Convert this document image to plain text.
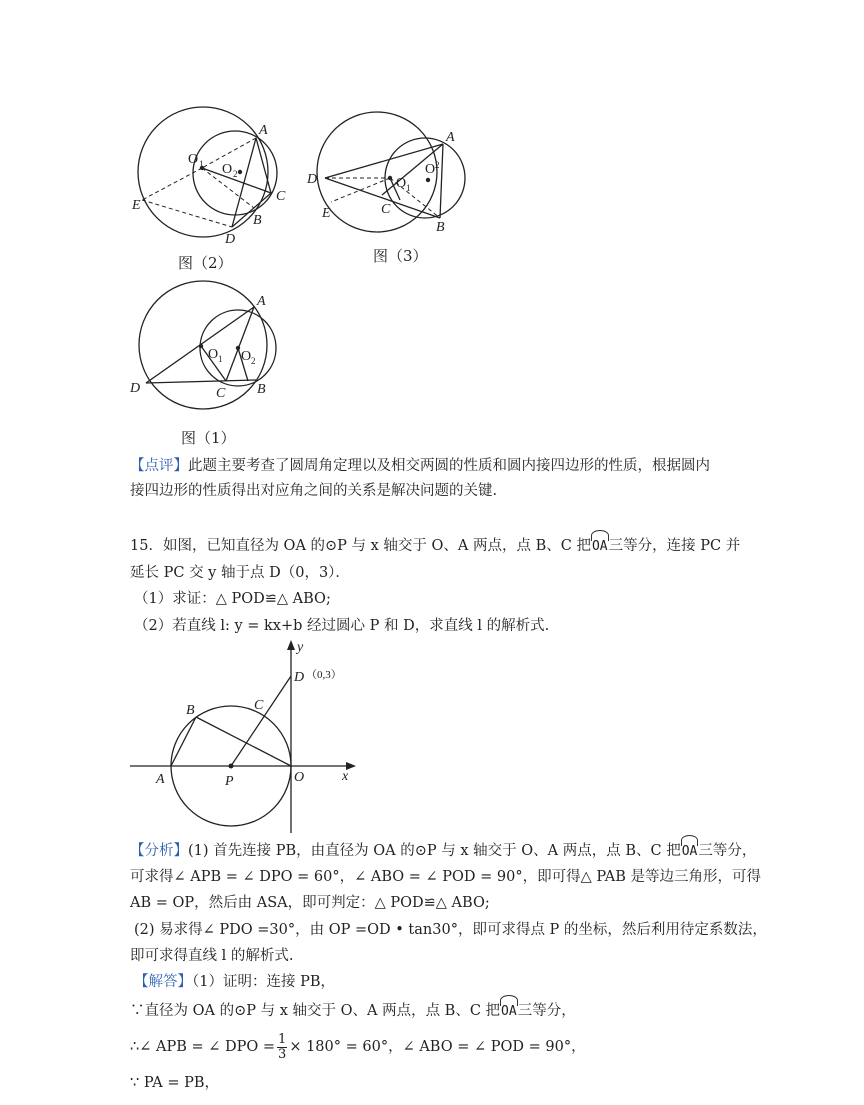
A
O 1 O 2
C
E
B
D
图（2）
A
D	O 1
O 2
C
E
B
图（3）
A
O 1 O 2
D	C B
图（1）
【点评】此题主要考查了圆周角定理以及相交两圆的性质和圆内接四边形的性质，根据圆内
接四边形的性质得出对应角之间的关系是解决问题的关键.
15．如图，已知直径为 OA 的⊙P 与 x 轴交于 O、A 两点，点 B、C 把OA三等分，连接 PC 并
延长 PC 交 y 轴于点 D（0，3）．
（1）求证：△ POD≌△ ABO;
（2）若直线 l: y = kx+b 经过圆心 P 和 D，求直线 l 的解析式.
y
D （0,3）
B	C
A	P	O	x
【分析】(1) 首先连接 PB，由直径为 OA 的⊙P 与 x 轴交于 O、A 两点，点 B、C 把OA三等分，
可求得∠ APB = ∠ DPO = 60°，∠ ABO = ∠ POD = 90°，即可得△ PAB 是等边三角形，可得
AB = OP，然后由 ASA，即可判定：△ POD≌△ ABO;
(2) 易求得∠ PDO =30°，由 OP =OD • tan30°，即可求得点 P 的坐标，然后利用待定系数法，
即可求得直线 l 的解析式.
【解答】（1）证明：连接 PB，
∵直径为 OA 的⊙P 与 x 轴交于 O、A 两点，点 B、C 把OA三等分，
∴∠ APB = ∠ DPO = $\frac{1}{3} \times 180^\circ = 60^\circ$，∠ ABO = ∠ POD = 90°，
∵ PA = PB，
